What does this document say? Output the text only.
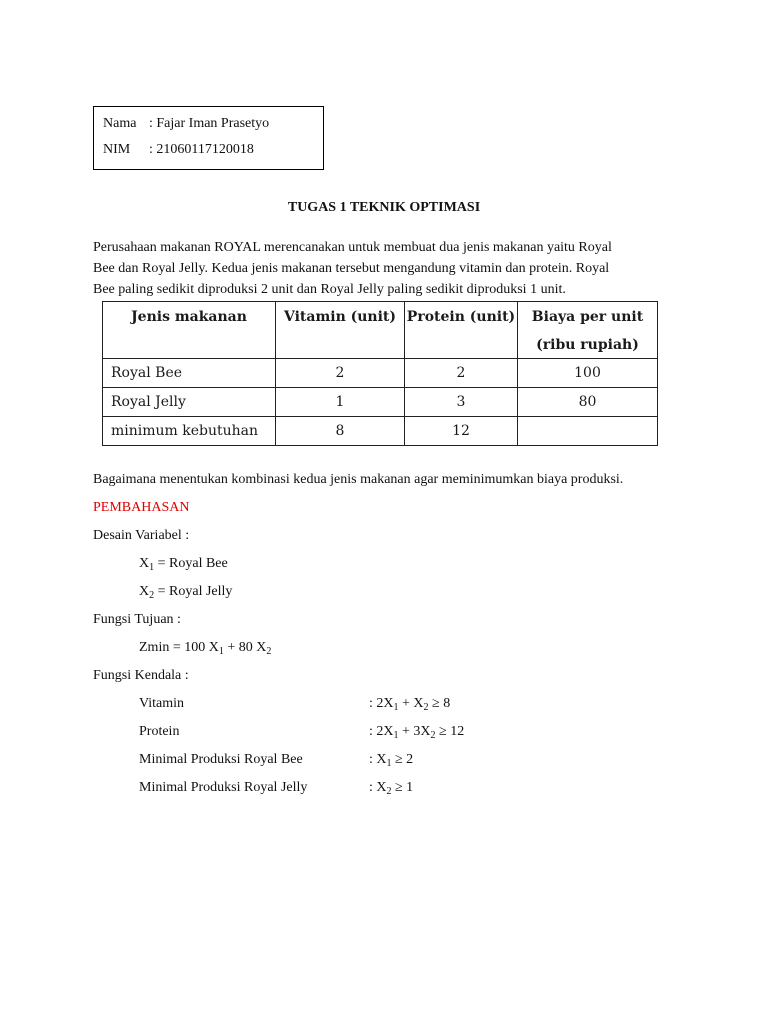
Nama : Fajar Iman Prasetyo
NIM : 21060117120018
TUGAS 1 TEKNIK OPTIMASI
Perusahaan makanan ROYAL merencanakan untuk membuat dua jenis makanan yaitu Royal
Bee dan Royal Jelly. Kedua jenis makanan tersebut mengandung vitamin dan protein. Royal
Bee paling sedikit diproduksi 2 unit dan Royal Jelly paling sedikit diproduksi 1 unit.
Jenis makanan	Vitamin (unit)	Protein (unit)	Biaya per unit
(ribu rupiah)

Royal Bee	2	2	100
Royal Jelly	1	3	80
minimum kebutuhan	8	12	
Bagaimana menentukan kombinasi kedua jenis makanan agar meminimumkan biaya produksi.
PEMBAHASAN
Desain Variabel :
$X_1$ = Royal Bee
$X_2$ = Royal Jelly
Fungsi Tujuan :
Zmin = 100 $X_1 + 80$ $X_2$
Fungsi Kendala :
Vitamin	: $2X_1 + X_2 \ge 8$
Protein	: $2X_1 + 3X_2 \ge 12$
Minimal Produksi Royal Bee	: $X_1 \ge 2$
Minimal Produksi Royal Jelly	: $X_2 \ge 1$
